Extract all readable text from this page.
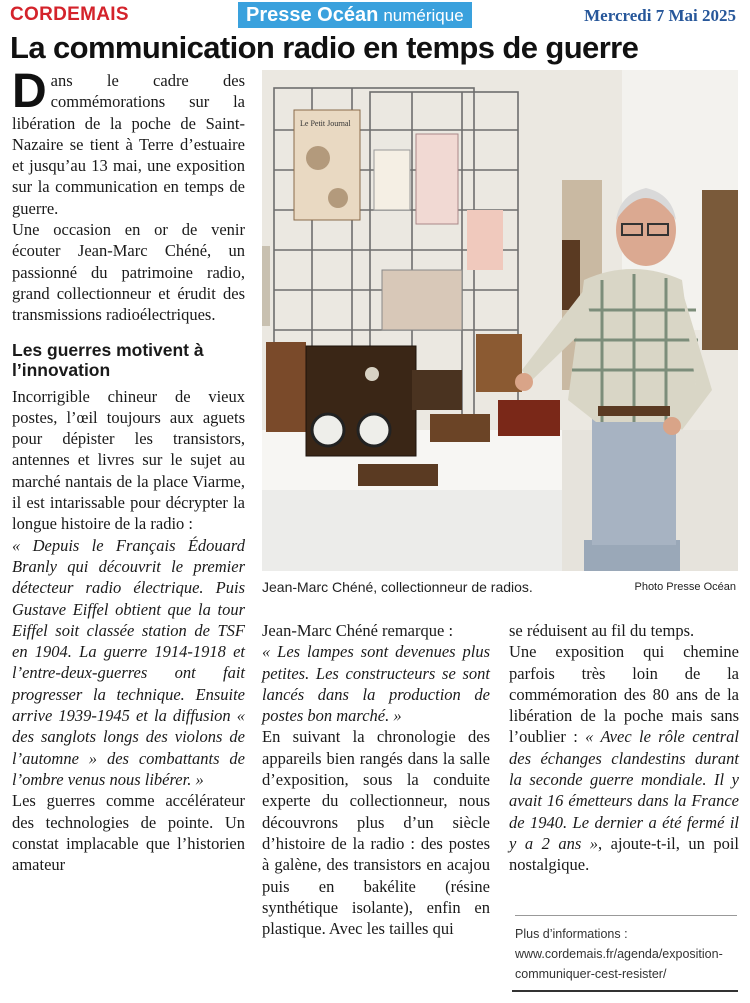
CORDEMAIS	Presse Océan numérique	Mercredi 7 Mai 2025
La communication radio en temps de guerre

Dans le cadre des commémorations sur la libération de la poche de Saint-Nazaire se tient à Terre d’estuaire et jusqu’au 13 mai, une exposition sur la communication en temps de guerre.

Une occasion en or de venir écouter Jean-Marc Chéné, un passionné du patrimoine radio, grand collectionneur et érudit des transmissions radioélectriques.

Les guerres motivent à l’innovation

Incorrigible chineur de vieux postes, l’œil toujours aux aguets pour dépister les transistors, antennes et livres sur le sujet au marché nantais de la place Viarme, il est intarissable pour décrypter la longue histoire de la radio :

« Depuis le Français Édouard Branly qui découvrit le premier détecteur radio électrique. Puis Gustave Eiffel obtient que la tour Eiffel soit classée station de TSF en 1904. La guerre 1914-1918 et l’entre-deux-guerres ont fait progresser la technique. Ensuite arrive 1939-1945 et la diffusion « des sanglots longs des violons de l’automne » des combattants de l’ombre venus nous libérer. »

Les guerres comme accélérateur des technologies de pointe. Un constat implacable que l’historien amateur

Le Petit Journal
Jean-Marc Chéné, collectionneur de radios.	Photo Presse Océan

Jean-Marc Chéné remarque :

« Les lampes sont devenues plus petites. Les constructeurs se sont lancés dans la production de postes bon marché. »

En suivant la chronologie des appareils bien rangés dans la salle d’exposition, sous la conduite experte du collectionneur, nous découvrons plus d’un siècle d’histoire de la radio : des postes à galène, des transistors en acajou puis en bakélite (résine synthétique isolante), enfin en plastique. Avec les tailles qui

se réduisent au fil du temps.

Une exposition qui chemine parfois très loin de la commémoration des 80 ans de la libération de la poche mais sans l’oublier : « Avec le rôle central des échanges clandestins durant la seconde guerre mondiale. Il y avait 16 émetteurs dans la France de 1940. Le dernier a été fermé il y a 2 ans », ajoute-t-il, un poil nostalgique.

Plus d’informations : www.cordemais.fr/agenda/exposition-communiquer-cest-resister/
